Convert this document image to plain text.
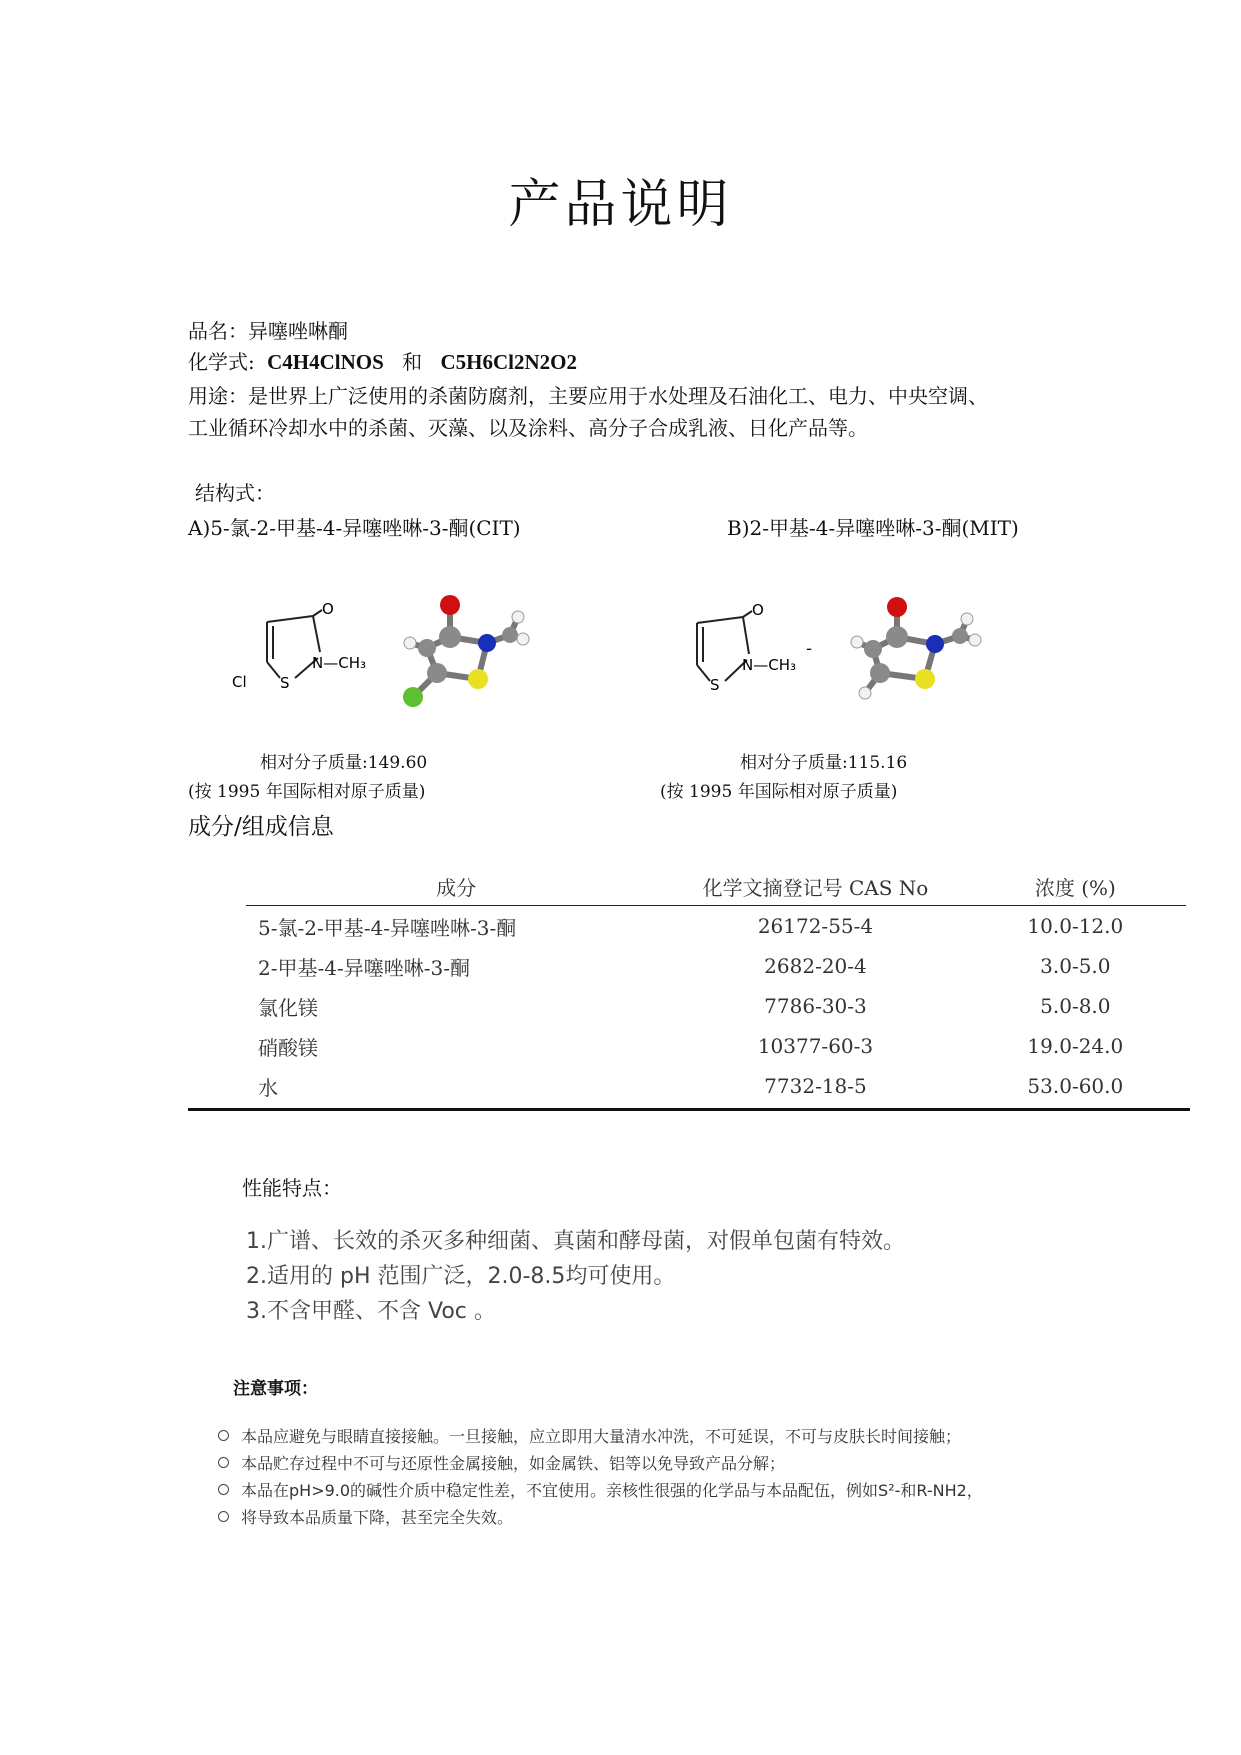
产品说明
品名：异噻唑啉酮
化学式: C4H4ClNOS 和 C5H6Cl2N2O2
用途：是世界上广泛使用的杀菌防腐剂，主要应用于水处理及石油化工、电力、中央空调、
工业循环冷却水中的杀菌、灭藻、以及涂料、高分子合成乳液、日化产品等。
结构式：
A)5-氯-2-甲基-4-异噻唑啉-3-酮(CIT)	B)2-甲基-4-异噻唑啉-3-酮(MIT)
O
N—CH₃
S
Cl
O
N—CH₃
S
-
相对分子质量:149.60	相对分子质量:115.16
(按 1995 年国际相对原子质量)	(按 1995 年国际相对原子质量)
成分/组成信息
成分	化学文摘登记号 CAS No	浓度 (%)
5-氯-2-甲基-4-异噻唑啉-3-酮	26172-55-4	10.0-12.0
2-甲基-4-异噻唑啉-3-酮	2682-20-4	3.0-5.0
氯化镁	7786-30-3	5.0-8.0
硝酸镁	10377-60-3	19.0-24.0
水	7732-18-5	53.0-60.0
性能特点：
1.广谱、长效的杀灭多种细菌、真菌和酵母菌，对假单包菌有特效。
2.适用的 pH 范围广泛，2.0-8.5均可使用。
3.不含甲醛、不含 Voc 。
注意事项：
本品应避免与眼睛直接接触。一旦接触，应立即用大量清水冲洗，不可延误，不可与皮肤长时间接触；
本品贮存过程中不可与还原性金属接触，如金属铁、铝等以免导致产品分解；
本品在pH>9.0的碱性介质中稳定性差，不宜使用。亲核性很强的化学品与本品配伍，例如S²-和R-NH2，
将导致本品质量下降，甚至完全失效。
